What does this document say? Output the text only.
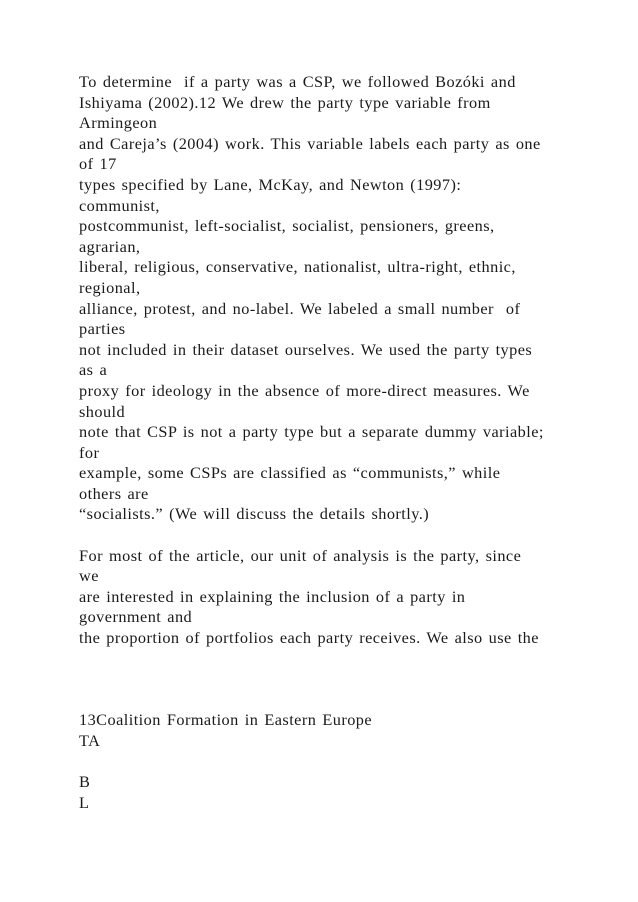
To determine  if a party was a CSP, we followed Bozóki and
Ishiyama (2002).12 We drew the party type variable from
Armingeon
and Careja’s (2004) work. This variable labels each party as one
of 17
types specified by Lane, McKay, and Newton (1997):
communist,
postcommunist, left-socialist, socialist, pensioners, greens,
agrarian,
liberal, religious, conservative, nationalist, ultra-right, ethnic,
regional,
alliance, protest, and no-label. We labeled a small number  of
parties
not included in their dataset ourselves. We used the party types
as a
proxy for ideology in the absence of more-direct measures. We
should
note that CSP is not a party type but a separate dummy variable;
for
example, some CSPs are classified as “communists,” while
others are
“socialists.” (We will discuss the details shortly.)
For most of the article, our unit of analysis is the party, since
we
are interested in explaining the inclusion of a party in
government and
the proportion of portfolios each party receives. We also use the
13Coalition Formation in Eastern Europe
TA
B
L
